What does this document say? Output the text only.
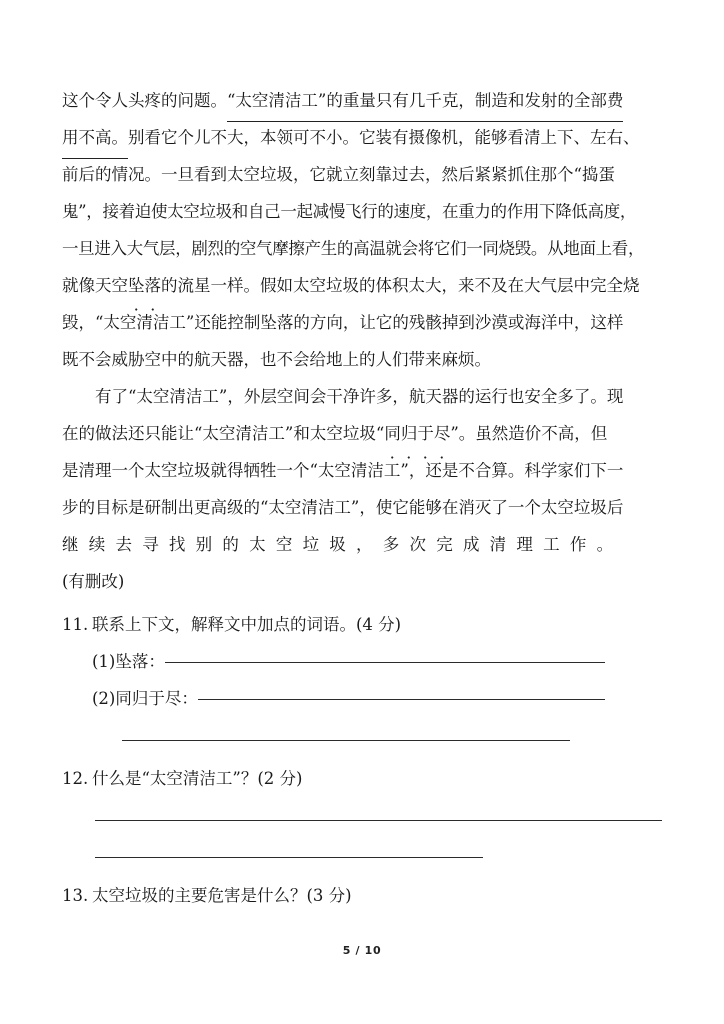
这个令人头疼的问题。 “太空清洁工”的重量只有几千克，制造和发射的全部费
用不高。 别看它个儿不大，本领可不小。它装有摄像机，能够看清上下、左右、
前后的情况。一旦看到太空垃圾，它就立刻靠过去，然后紧紧抓住那个“捣蛋
鬼”，接着迫使太空垃圾和自己一起减慢飞行的速度，在重力的作用下降低高度，
一旦进入大气层，剧烈的空气摩擦产生的高温就会将它们一同烧毁。从地面上看，
就像天空 坠落 的流星一样。假如太空垃圾的体积太大，来不及在大气层中完全烧
毁，“太空清洁工”还能控制坠落的方向，让它的残骸掉到沙漠或海洋中，这样
既不会威胁空中的航天器，也不会给地上的人们带来麻烦。
有了“太空清洁工”，外层空间会干净许多，航天器的运行也安全多了。现
在的做法还只能让“太空清洁工”和太空垃圾“ 同归于尽 ”。虽然造价不高，但
是清理一个太空垃圾就得牺牲一个“太空清洁工”，还是不合算。科学家们下一
步的目标是研制出更高级的“太空清洁工”，使它能够在消灭了一个太空垃圾后
继续去寻找别的太空垃圾，多次完成清理工作。
(有删改)
11. 联系上下文，解释文中加点的词语。(4 分)
(1)坠落：
(2)同归于尽：
12. 什么是“太空清洁工”？(2 分)
13. 太空垃圾的主要危害是什么？(3 分)
5 / 10
